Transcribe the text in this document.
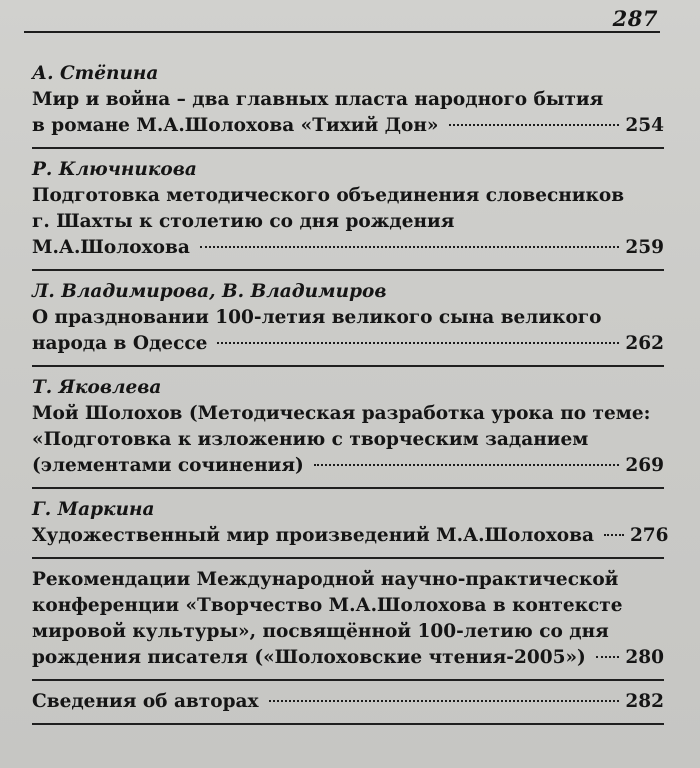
287
А. Стёпина
Мир и война – два главных пласта народного бытия
в романе М.А.Шолохова «Тихий Дон»	254
Р. Ключникова
Подготовка методического объединения словесников
г. Шахты к столетию со дня рождения
М.А.Шолохова	259
Л. Владимирова, В. Владимиров
О праздновании 100-летия великого сына великого
народа в Одессе	262
Т. Яковлева
Мой Шолохов (Методическая разработка урока по теме:
«Подготовка к изложению с творческим заданием
(элементами сочинения)	269
Г. Маркина
Художественный мир произведений М.А.Шолохова 276
Рекомендации Международной научно-практической
конференции «Творчество М.А.Шолохова в контексте
мировой культуры», посвящённой 100-летию со дня
рождения писателя («Шолоховские чтения-2005») 280
Сведения об авторах	282
